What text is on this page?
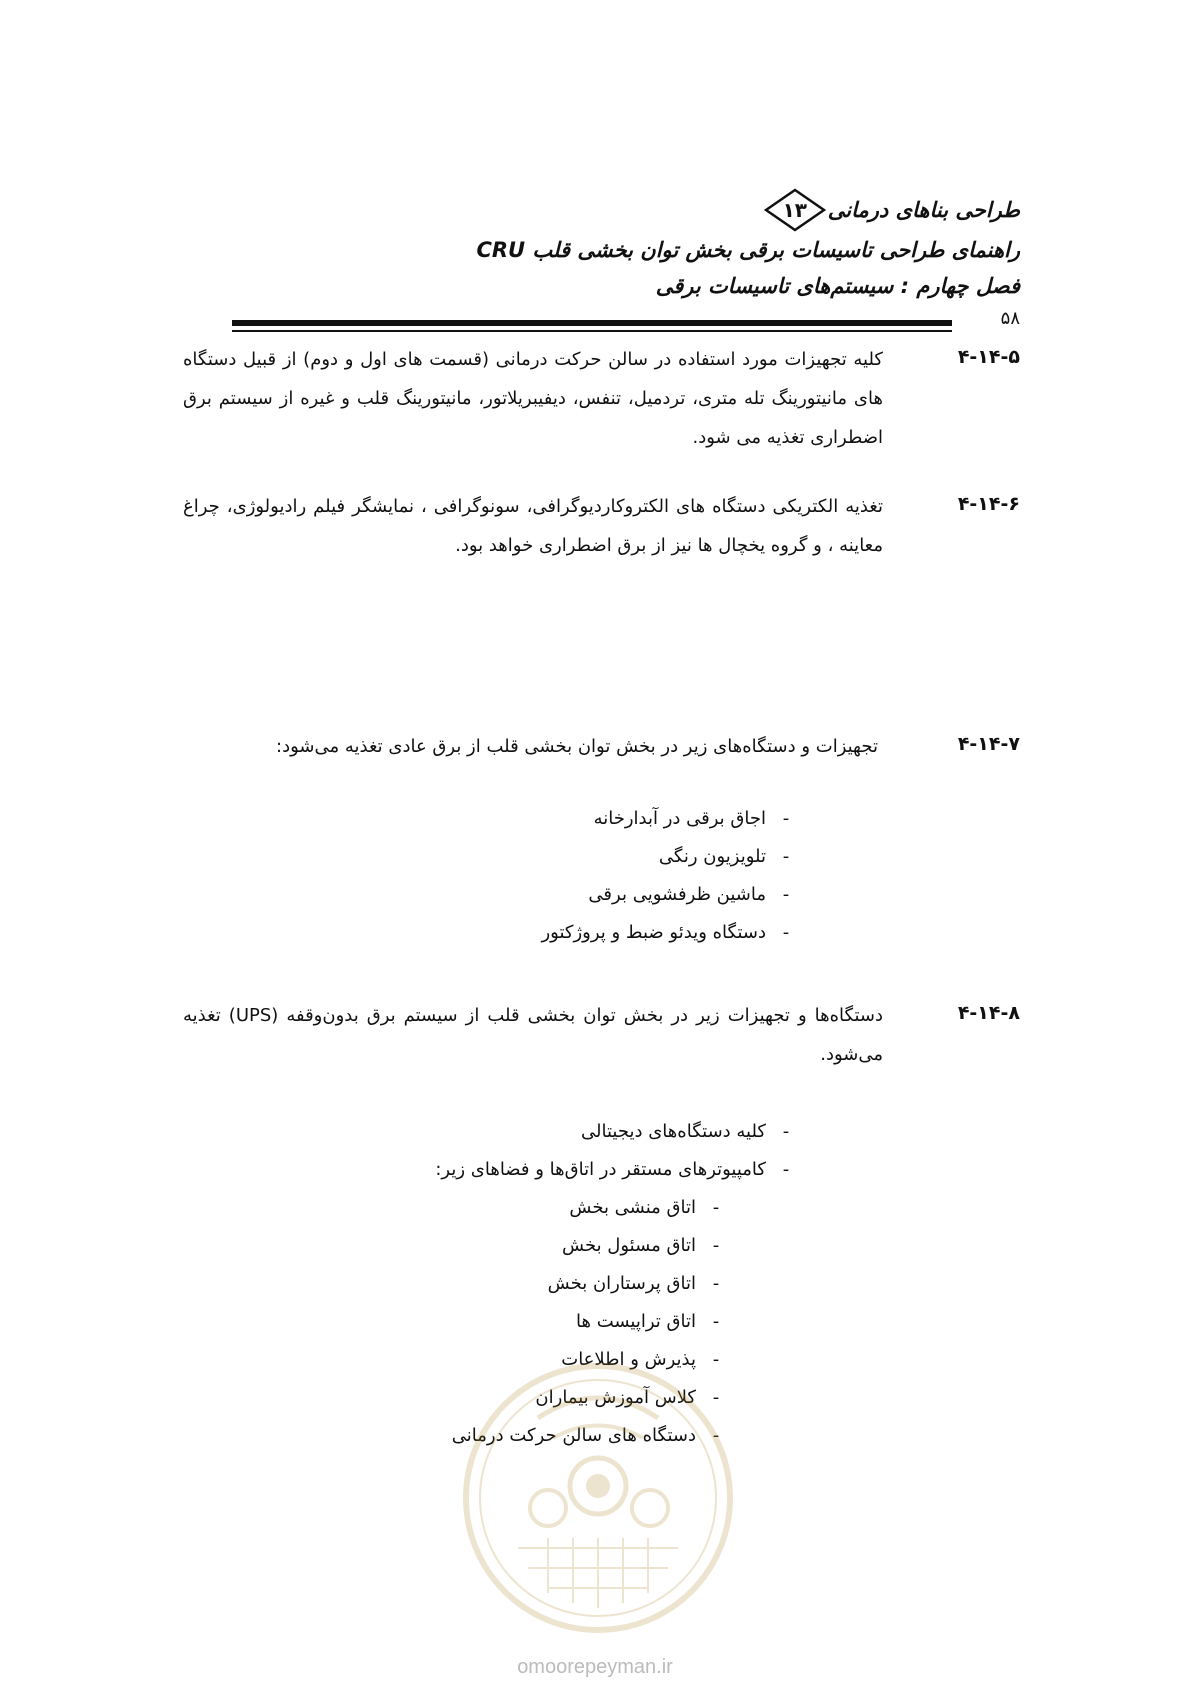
طراحی بناهای درمانی
۱۳
راهنمای طراحی تاسیسات برقی بخش توان بخشی قلب CRU
فصل چهارم : سیستم‌های تاسیسات برقی
۵۸
۴-۱۴-۵
کلیه تجهیزات مورد استفاده در سالن حرکت درمانی (قسمت های اول و دوم) از قبیل دستگاه های مانیتورینگ تله متری، تردمیل، تنفس، دیفیبریلاتور، مانیتورینگ قلب و غیره از سیستم برق اضطراری تغذیه می شود.
۴-۱۴-۶
تغذیه الکتریکی دستگاه های الکتروکاردیوگرافی، سونوگرافی ، نمایشگر فیلم رادیولوژی، چراغ معاینه ، و گروه یخچال ها نیز از برق اضطراری خواهد بود.
۴-۱۴-۷
تجهیزات و دستگاه‌های زیر در بخش توان بخشی قلب از برق عادی تغذیه می‌شود:
-
اجاق برقی در آبدارخانه
-
تلویزیون رنگی
-
ماشین ظرفشویی برقی
-
دستگاه ویدئو ضبط و پروژکتور
۴-۱۴-۸
دستگاه‌ها و تجهیزات زیر در بخش توان بخشی قلب از سیستم برق بدون‌وقفه (UPS) تغذیه می‌شود.
-
کلیه دستگاه‌های دیجیتالی
-
کامپیوترهای مستقر در اتاق‌ها و فضاهای زیر:
-
اتاق منشی بخش
-
اتاق مسئول بخش
-
اتاق پرستاران بخش
-
اتاق تراپیست ها
-
پذیرش و اطلاعات
-
کلاس آموزش بیماران
-
دستگاه های سالن حرکت درمانی
omoorepeyman.ir
